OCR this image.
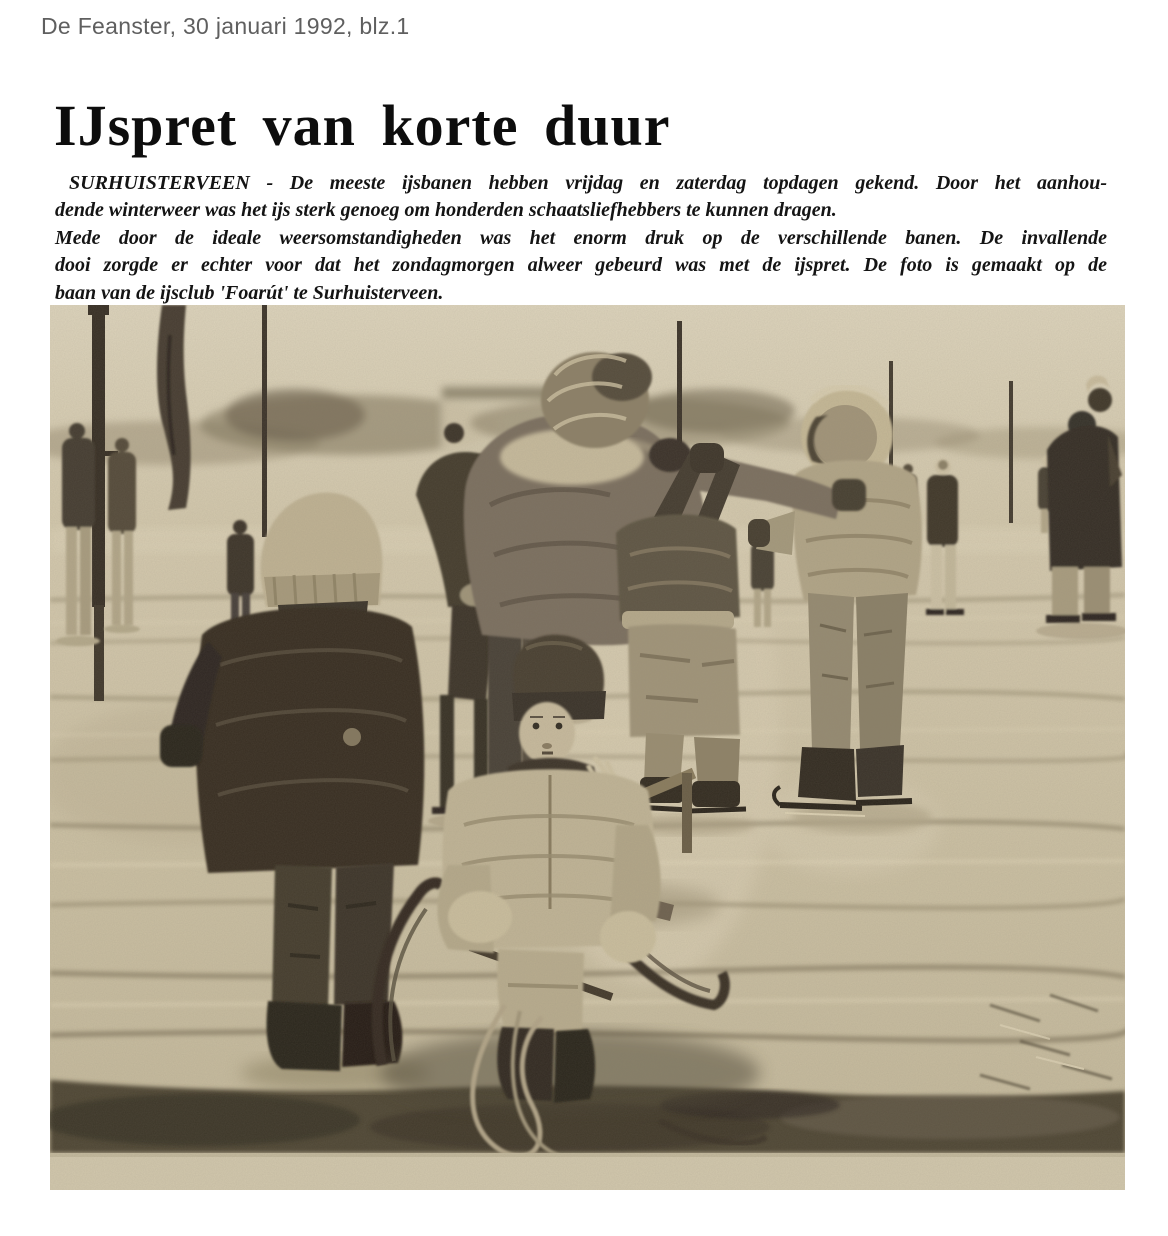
De Feanster, 30 januari 1992, blz.1
IJspret van korte duur
SURHUISTERVEEN - De meeste ijsbanen hebben vrijdag en zaterdag topdagen gekend. Door het aanhou-
dende winterweer was het ijs sterk genoeg om honderden schaatsliefhebbers te kunnen dragen.
Mede door de ideale weersomstandigheden was het enorm druk op de verschillende banen. De invallende
dooi zorgde er echter voor dat het zondagmorgen alweer gebeurd was met de ijspret. De foto is gemaakt op de
baan van de ijsclub 'Foarút' te Surhuisterveen.
